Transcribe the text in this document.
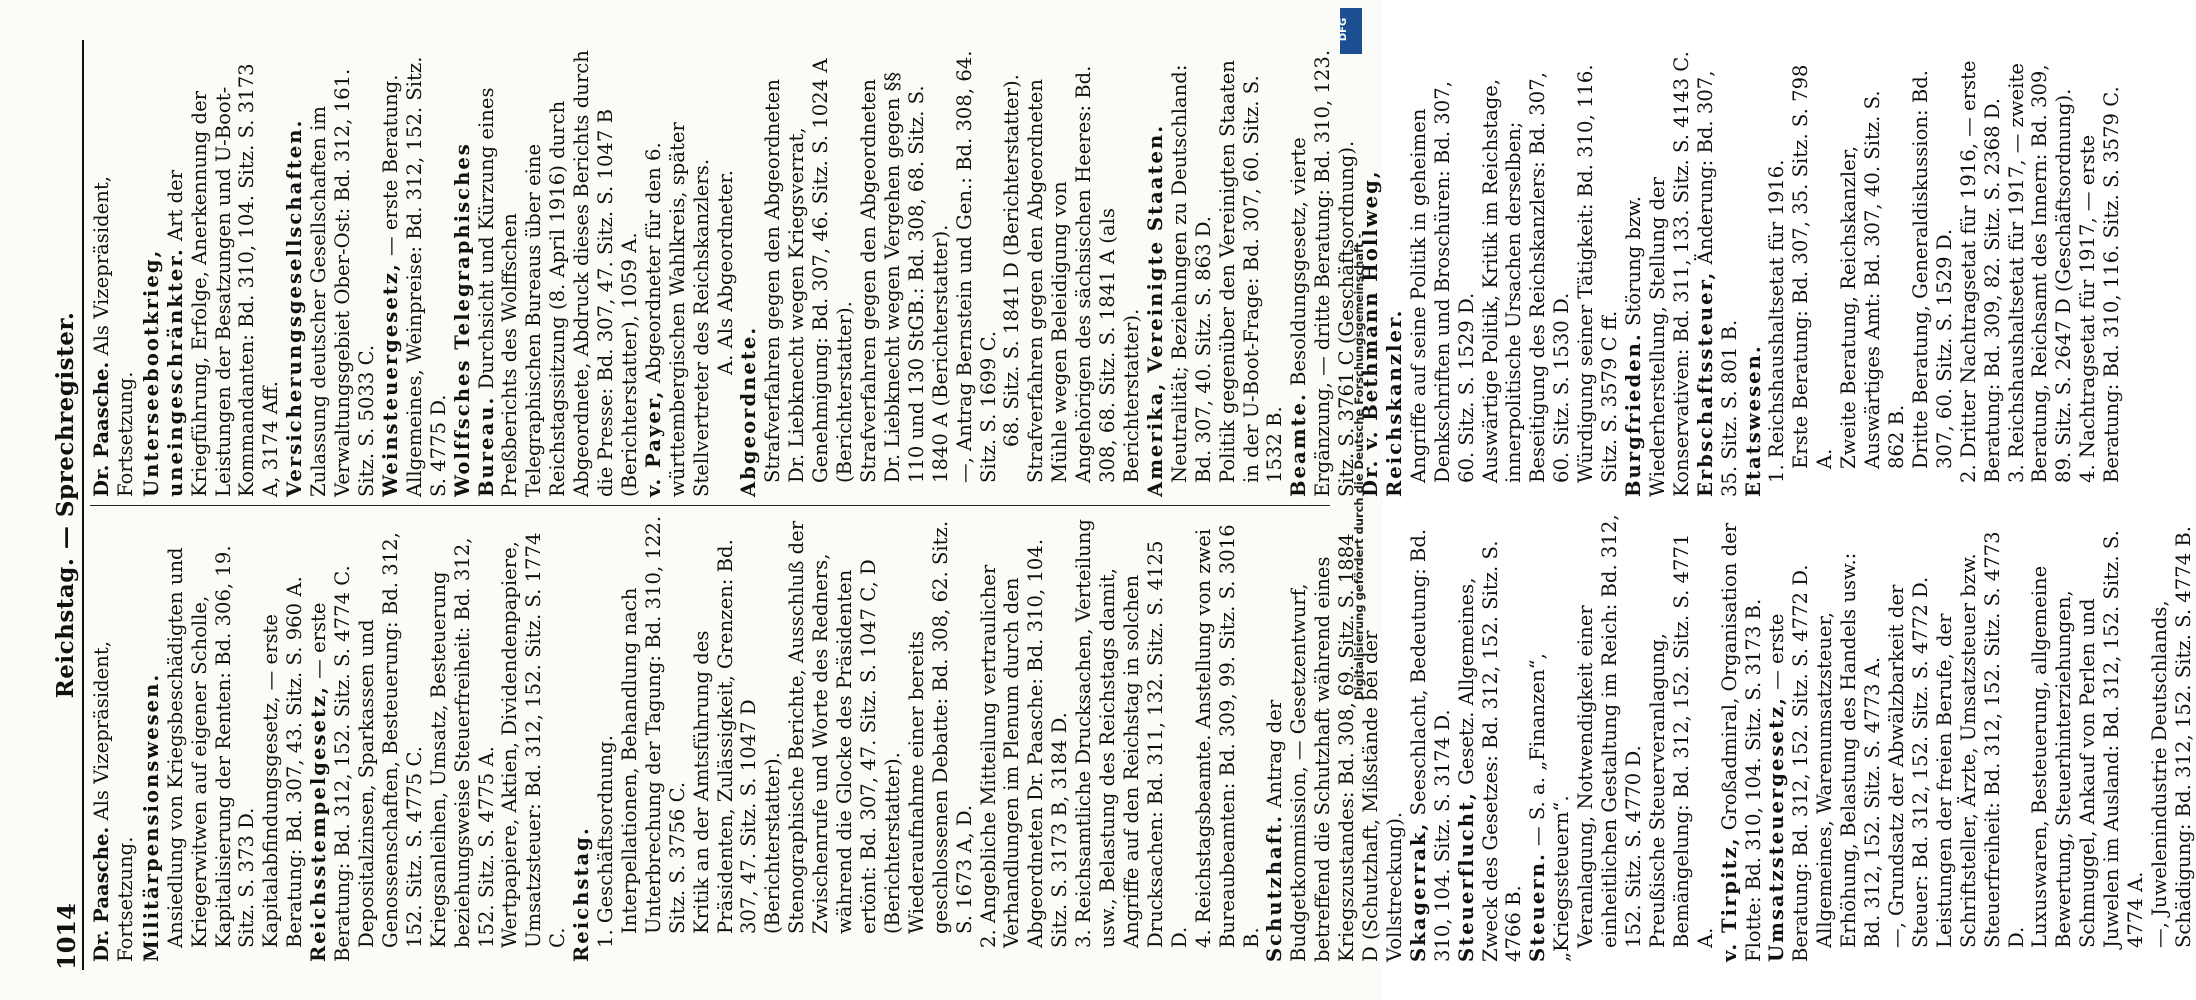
1014
Reichstag. — Sprechregister.

Dr. Paasche. Als Vizepräsident, Fortsetzung. Militärpensionswesen. Ansiedlung von Kriegsbeschädigten und Kriegerwitwen auf eigener Scholle, Kapitalisierung der Renten: Bd. 306, 19. Sitz. S. 373 D. Kapitalabfindungsgesetz, — erste Beratung: Bd. 307, 43. Sitz. S. 960 A. Reichsstempelgesetz, — erste Beratung: Bd. 312, 152. Sitz. S. 4774 C. Depositalzinsen, Sparkassen und Genossenschaften, Besteuerung: Bd. 312, 152. Sitz. S. 4775 C. Kriegsanleihen, Umsatz, Besteuerung beziehungsweise Steuerfreiheit: Bd. 312, 152. Sitz. S. 4775 A. Wertpapiere, Aktien, Dividendenpapiere, Umsatzsteuer: Bd. 312, 152. Sitz. S. 1774 C. Reichstag. 1. Geschäftsordnung. Interpellationen, Behandlung nach Unterbrechung der Tagung: Bd. 310, 122. Sitz. S. 3756 C. Kritik an der Amtsführung des Präsidenten, Zulässigkeit, Grenzen: Bd. 307, 47. Sitz. S. 1047 D (Berichterstatter). Stenographische Berichte, Ausschluß der Zwischenrufe und Worte des Redners, während die Glocke des Präsidenten ertönt: Bd. 307, 47. Sitz. S. 1047 C, D (Berichterstatter). Wiederaufnahme einer bereits geschlossenen Debatte: Bd. 308, 62. Sitz. S. 1673 A, D. 2. Angebliche Mitteilung vertraulicher Verhandlungen im Plenum durch den Abgeordneten Dr. Paasche: Bd. 310, 104. Sitz. S. 3173 B, 3184 D. 3. Reichsamtliche Drucksachen, Verteilung usw., Belastung des Reichstags damit, Angriffe auf den Reichstag in solchen Drucksachen: Bd. 311, 132. Sitz. S. 4125 D. 4. Reichstagsbeamte. Anstellung von zwei Bureaubeamten: Bd. 309, 99. Sitz. S. 3016 B. Schutzhaft. Antrag der Budgetkommission, — Gesetzentwurf, betreffend die Schutzhaft während eines Kriegszustandes: Bd. 308, 69. Sitz. S. 1884 D (Schutzhaft, Mißstände bei der Vollstreckung). Skagerrak, Seeschlacht, Bedeutung: Bd. 310, 104. Sitz. S. 3174 D. Steuerflucht, Gesetz. Allgemeines, Zweck des Gesetzes: Bd. 312, 152. Sitz. S. 4766 B. Steuern. — S. a. „Finanzen“, „Kriegssteuern“. Veranlagung, Notwendigkeit einer einheitlichen Gestaltung im Reich: Bd. 312, 152. Sitz. S. 4770 D. Preußische Steuerveranlagung, Bemängelung: Bd. 312, 152. Sitz. S. 4771 A. v. Tirpitz, Großadmiral, Organisation der Flotte: Bd. 310, 104. Sitz. S. 3173 B. Umsatzsteuergesetz, — erste Beratung: Bd. 312, 152. Sitz. S. 4772 D. Allgemeines, Warenumsatzsteuer, Erhöhung, Belastung des Handels usw.: Bd. 312, 152. Sitz. S. 4773 A. —, Grundsatz der Abwälzbarkeit der Steuer: Bd. 312, 152. Sitz. S. 4772 D. Leistungen der freien Berufe, der Schriftsteller, Ärzte, Umsatzsteuer bzw. Steuerfreiheit: Bd. 312, 152. Sitz. S. 4773 D. Luxuswaren, Besteuerung, allgemeine Bewertung, Steuerhinterziehungen, Schmuggel, Ankauf von Perlen und Juwelen im Ausland: Bd. 312, 152. Sitz. S. 4774 A. —, Juwelenindustrie Deutschlands, Schädigung: Bd. 312, 152. Sitz. S. 4774 B.

Dr. Paasche. Als Vizepräsident, Fortsetzung. Unterseebootkrieg, uneingeschränkter. Art der Kriegführung, Erfolge, Anerkennung der Leistungen der Besatzungen und U-Boot-Kommandanten: Bd. 310, 104. Sitz. S. 3173 A, 3174 Aff. Versicherungsgesellschaften. Zulassung deutscher Gesellschaften im Verwaltungsgebiet Ober-Ost: Bd. 312, 161. Sitz. S. 5033 C. Weinsteuergesetz, — erste Beratung. Allgemeines, Weinpreise: Bd. 312, 152. Sitz. S. 4775 D. Wolffsches Telegraphisches Bureau. Durchsicht und Kürzung eines Preßberichts des Wolffschen Telegraphischen Bureaus über eine Reichstagssitzung (8. April 1916) durch Abgeordnete, Abdruck dieses Berichts durch die Presse: Bd. 307, 47. Sitz. S. 1047 B (Berichterstatter), 1059 A. v. Payer, Abgeordneter für den 6. württembergischen Wahlkreis, später Stellvertreter des Reichskanzlers. A. Als Abgeordneter.

Abgeordnete. Strafverfahren gegen den Abgeordneten Dr. Liebknecht wegen Kriegsverrat, Genehmigung: Bd. 307, 46. Sitz. S. 1024 A (Berichterstatter). Strafverfahren gegen den Abgeordneten Dr. Liebknecht wegen Vergehen gegen §§ 110 und 130 StGB.: Bd. 308, 68. Sitz. S. 1840 A (Berichterstatter). —, Antrag Bernstein und Gen.: Bd. 308, 64. Sitz. S. 1699 C. 68. Sitz. S. 1841 D (Berichterstatter). Strafverfahren gegen den Abgeordneten Mühle wegen Beleidigung von Angehörigen des sächsischen Heeres: Bd. 308, 68. Sitz. S. 1841 A (als Berichterstatter). Amerika, Vereinigte Staaten. Neutralität; Beziehungen zu Deutschland: Bd. 307, 40. Sitz. S. 863 D. Politik gegenüber den Vereinigten Staaten in der U-Boot-Frage: Bd. 307, 60. Sitz. S. 1532 B. Beamte. Besoldungsgesetz, vierte Ergänzung, — dritte Beratung: Bd. 310, 123. Sitz. S. 3761 C (Geschäftsordnung). Dr. v. Bethmann Hollweg, Reichskanzler. Angriffe auf seine Politik in geheimen Denkschriften und Broschüren: Bd. 307, 60. Sitz. S. 1529 D. Auswärtige Politik, Kritik im Reichstage, innerpolitische Ursachen derselben; Beseitigung des Reichskanzlers: Bd. 307, 60. Sitz. S. 1530 D. Würdigung seiner Tätigkeit: Bd. 310, 116. Sitz. S. 3579 C ff. Burgfrieden. Störung bzw. Wiederherstellung, Stellung der Konservativen: Bd. 311, 133. Sitz. S. 4143 C. Erbschaftssteuer, Änderung: Bd. 307, 35. Sitz. S. 801 B. Etatswesen. 1. Reichshaushaltsetat für 1916. Erste Beratung: Bd. 307, 35. Sitz. S. 798 A. Zweite Beratung, Reichskanzler, Auswärtiges Amt: Bd. 307, 40. Sitz. S. 862 B. Dritte Beratung, Generaldiskussion: Bd. 307, 60. Sitz. S. 1529 D. 2. Dritter Nachtragsetat für 1916, — erste Beratung: Bd. 309, 82. Sitz. S. 2368 D. 3. Reichshaushaltsetat für 1917, — zweite Beratung, Reichsamt des Innern: Bd. 309, 89. Sitz. S. 2647 D (Geschäftsordnung). 4. Nachtragsetat für 1917, — erste Beratung: Bd. 310, 116. Sitz. S. 3579 C.

DFG
Digitalisierung gefördert durch die Deutsche Forschungsgemeinschaft -
